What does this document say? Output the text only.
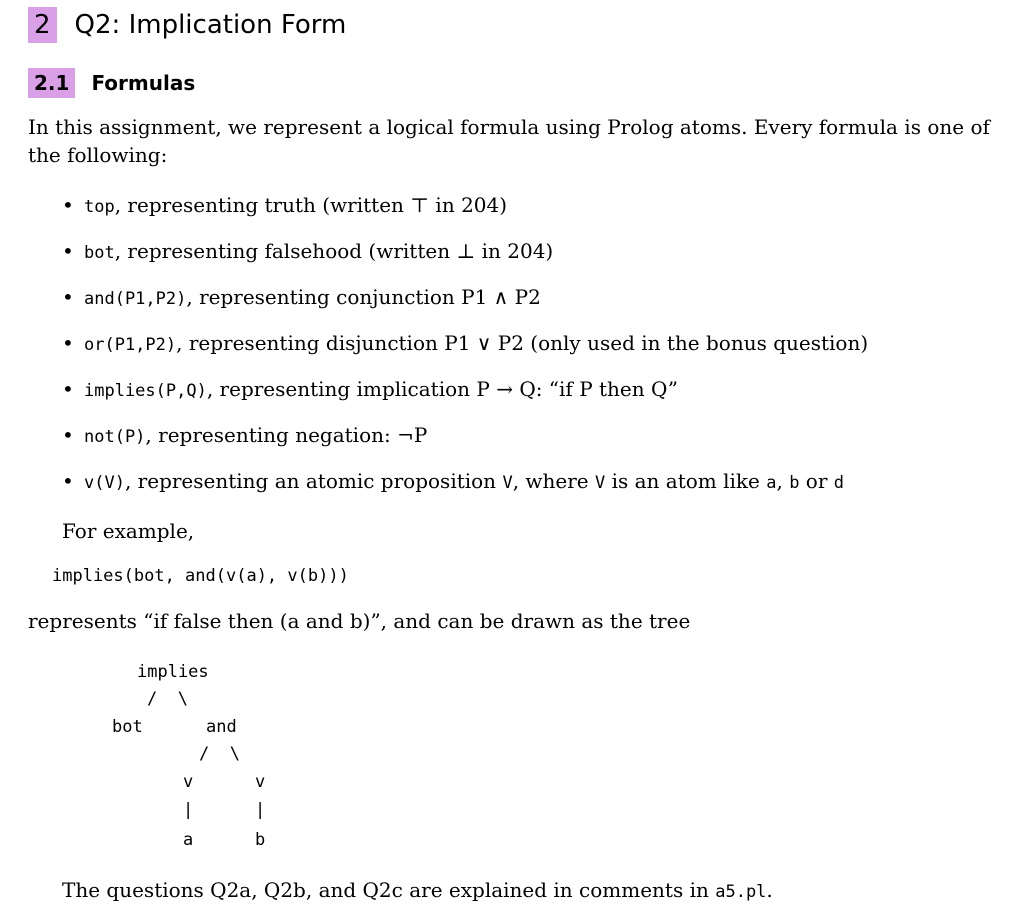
2 Q2: Implication Form
2.1 Formulas
In this assignment, we represent a logical formula using Prolog atoms. Every formula is one of the following:
• top, representing truth (written ⊤ in 204)
• bot, representing falsehood (written ⊥ in 204)
• and(P1,P2), representing conjunction P1 ∧ P2
• or(P1,P2), representing disjunction P1 ∨ P2 (only used in the bonus question)
• implies(P,Q), representing implication P → Q: “if P then Q”
• not(P), representing negation: ¬P
• v(V), representing an atomic proposition V, where V is an atom like a, b or d
For example,
implies(bot, and(v(a), v(b)))
represents “if false then (a and b)”, and can be drawn as the tree
implies
/  \
bot	and
/  \
v	v
|	|
a	b
The questions Q2a, Q2b, and Q2c are explained in comments in a5.pl.
